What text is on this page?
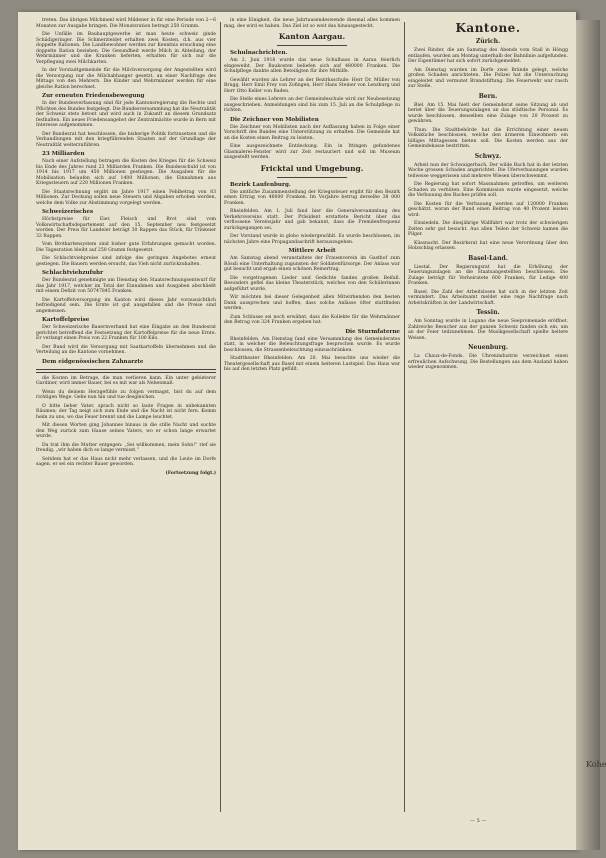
treten. Das übrigen Milchmenl wird Mildener in für eine Periode von 2—6 Monaten zur Ausgabe bringen. Die Monatsration betragt 250 Gramm.
Die Unfälle im Bauhauptgewerbe ist man heute schweiz ginde Schädigeringer. Die Schmerzleidet erhalten zwei Kosten, d.h. aus vier doppelte Rationen. Die Landbewohner werden zur Kenntnis ersuchung eine doppelte Ration beziehen. Die Gesundheit werde Milch in Abteilung, der Wehrmänner und die Kranken lieferten, erhalten für sich nur die Verpflegung zwei Milchkarten.
In der Vorstadtgemeinde für die Milchversorgung der Angestellten wird die Versorgung nur die Milchabhanger gesetzt, an einer Nachfrage des Mittags von den Mehrern. Die Kinder und Wehrmänner werden für eine gleiche Ration berechnet.
Zur erneuten Friedensbewegung
In der Bundesverfassung sind für jede Kantonsregierung die Rechte und Pflichten des Bundes festgelegt. Die Bundesversammlung hat die Neutralität der Schweiz stets betont und wird auch in Zukunft an diesem Grundsatz festhalten. Ein neues Friedensangebot der Zentralmächte wurde in Bern mit Interesse aufgenommen.
Der Bundesrat hat beschlossen, die bisherige Politik fortzusetzen und die Verhandlungen mit den kriegführenden Staaten auf der Grundlage der Neutralität weiterzuführen.
23 Milliarden
Nach einer Aufstellung betragen die Kosten des Krieges für die Schweiz bis Ende des Jahres rund 23 Milliarden Franken. Die Bundesschuld ist von 1914 bis 1917 um 450 Millionen gestiegen. Die Ausgaben für die Mobilisation belaufen sich auf 1400 Millionen, die Einnahmen aus Kriegssteuern auf 220 Millionen Franken.
Die Staatsrechnung ergibt im Jahre 1917 einen Fehlbetrag von 83 Millionen. Zur Deckung sollen neue Steuern und Abgaben erhoben werden, welche dem Volke zur Abstimmung vorgelegt werden.
Schweizerisches
Höchstpreise für Eier, Fleisch und Brot sind vom Volkswirtschaftsdepartement auf den 15. September neu festgesetzt worden. Der Preis für Landeier beträgt 30 Rappen das Stück, für Trinkeier 33 Rappen.
Vom Brotkartensystem sind bisher gute Erfahrungen gemacht worden. Die Tagesration bleibt auf 250 Gramm festgesetzt.
Die Schlachtviehpreise sind infolge des geringen Angebotes erneut gestiegen. Die Bauern werden ersucht, das Vieh nicht zurückzuhalten.
Schlachtviehzufuhr
Der Bundesrat genehmigte am Dienstag den Staatsrechnungsentwurf für das Jahr 1917, welcher im Total der Einnahmen und Ausgaben abschließt mit einem Defizit von 50747845 Franken.
Die Kartoffelversorgung im Kanton wird dieses Jahr voraussichtlich befriedigend sein. Die Ernte ist gut ausgefallen und die Preise sind angemessen.
Kartoffelpreise
Der Schweizerische Bauernverband hat eine Eingabe an den Bundesrat gerichtet betreffend die Festsetzung der Kartoffelpreise für die neue Ernte. Er verlangt einen Preis von 22 Franken für 100 Kilo.
Der Bund wird die Versorgung mit Saatkartoffeln übernehmen und die Verteilung an die Kantone vornehmen.
Dem eidgenössischen Zahnarzte
die Kosten im Betrage, die man verlieren kann. Ein unter gebieterer Gardiner, wird immer Bauer, bei es mit war als Nebenmaß.
Wenn du deinem Herzgefühle zu folgen vermagst, bist du auf dem richtigen Wege. Gehe nun hin und tue desgleichen.
O bitte lieber Vater, sprach nicht so laute Fragen in unbekannten Räumen; der Tag neigt sich zum Ende und die Nacht ist nicht fern. Komm heim zu uns, wo das Feuer brennt und die Lampe leuchtet.
Mit diesen Worten ging Johannes hinaus in die stille Nacht und suchte den Weg zurück zum Hause seines Vaters, wo er schon lange erwartet wurde.
Da trat ihm die Mutter entgegen: „Sei willkommen, mein Sohn!“ rief sie freudig, „wir haben dich so lange vermisst.“
Seitdem hat er das Haus nicht mehr verlassen, und die Leute im Dorfe sagen, er sei ein rechter Bauer geworden.
(Fortsetzung folgt.)
in eine Einigkeit, die neue Jahrtausendeswende diesmal alles kommen mag, des wird es haben. Das Ziel ist so weit das hinausgesteckt.
Kanton Aargau.
Schulnachrichten.
Am 2. Juni 1918 wurde das neue Schulhaus in Aarau feierlich eingeweiht. Der Baukosten beliefen sich auf 480000 Franken. Die Schulpflege dankte allen Beteiligten für ihre Mithilfe.
Gewählt wurden als Lehrer an der Bezirksschule: Herr Dr. Müller von Brugg, Herr Emil Frey von Zofingen, Herr Hans Steiner von Lenzburg und Herr Otto Keller von Baden.
Die Stelle eines Lehrers an der Gemeindeschule wird zur Neubesetzung ausgeschrieben. Anmeldungen sind bis zum 15. Juli an die Schulpflege zu richten.
Die Zeichner von Mobilisten
Die Zeichner von Mobilisten nach der Auffassung haben in Folge einer Vorschrift des Bundes eine Unterstützung zu erhalten. Die Gemeinde hat an die Kosten einen Beitrag zu leisten.
Eine ausgezeichnete Entdeckung. Ein in Ittingen gefundenes Glasmalerei-Fenster wird zur Zeit restauriert und soll im Museum ausgestellt werden.
Fricktal und Umgebung.
Bezirk Laufenburg.
Die amtliche Zusammenstellung der Kriegssteuer ergibt für den Bezirk einen Ertrag von 46000 Franken. Im Vorjahre betrug derselbe 38 000 Franken.
Rheinfelden. Am 1. Juli fand hier die Generalversammlung des Verkehrsvereins statt. Der Präsident erstattete Bericht über das verflossene Vereinsjahr und gab bekannt, dass die Fremdenfrequenz zurückgegangen sei.
Der Vorstand wurde in globo wiedergewählt. Es wurde beschlossen, im nächsten Jahre eine Propagandaschrift herauszugeben.
Mittlere Arbeit
Am Samstag abend veranstaltete der Frauenverein im Gasthof zum Rössli eine Unterhaltung zugunsten der Soldatenfürsorge. Der Anlass war gut besucht und ergab einen schönen Reinertrag.
Die vorgetragenen Lieder und Gedichte fanden großen Beifall. Besonders gefiel das kleine Theaterstück, welches von den Schülerinnen aufgeführt wurde.
Wir möchten bei dieser Gelegenheit allen Mitwirkenden den besten Dank aussprechen und hoffen, dass solche Anlässe öfter stattfinden werden.
Zum Schlusse sei noch erwähnt, dass die Kollekte für die Wehrmänner den Betrag von 324 Franken ergeben hat.
Die Sturmfaterne
Rheinfelden. Am Dienstag fand eine Versammlung des Gemeinderates statt, in welcher die Beleuchtungsfrage besprochen wurde. Es wurde beschlossen, die Strassenbeleuchtung einzuschränken.
Stadttheater Rheinfelden. Am 20. Mai besuchte uns wieder die Theatergesellschaft aus Basel mit einem heiteren Lustspiel. Das Haus war bis auf den letzten Platz gefüllt.
Kantone.
Zürich.
Zwei Rinder, die am Samstag des Abends vom Stall in Höngg entlaufen, wurden am Montag unterhalb der Bahnlinie aufgefunden. Der Eigentümer hat sich sofort zurückgemeldet.
Am Dienstag wurden im Dorfe zwei Brände gelegt, welche großen Schaden anrichteten. Die Polizei hat die Untersuchung eingeleitet und vermutet Brandstiftung. Die Feuerwehr war rasch zur Stelle.
Bern.
Biel. Am 15. Mai hielt der Gemeinderat seine Sitzung ab und beriet über die Teuerungszulagen an das städtische Personal. Es wurde beschlossen, denselben eine Zulage von 20 Prozent zu gewähren.
Thun. Die Stadtbehörde hat die Errichtung einer neuen Volksküche beschlossen, welche den ärmeren Einwohnern ein billiges Mittagessen bieten soll. Die Kosten werden aus der Gemeindekasse bestritten.
Schwyz.
Arbeit nun der Schwaigerbach. Der wilde Bach hat in der letzten Woche grossen Schaden angerichtet. Die Uferverbauungen wurden teilweise weggerissen und mehrere Wiesen überschwemmt.
Die Regierung hat sofort Massnahmen getroffen, um weiteren Schaden zu verhüten. Eine Kommission wurde eingesetzt, welche die Verbauung des Baches prüfen soll.
Die Kosten für die Verbauung werden auf 120000 Franken geschätzt, woran der Bund einen Beitrag von 40 Prozent leisten wird.
Einsiedeln. Die diesjährige Wallfahrt war trotz der schwierigen Zeiten sehr gut besucht. Aus allen Teilen der Schweiz kamen die Pilger.
Küssnacht. Der Bezirksrat hat eine neue Verordnung über den Holzschlag erlassen.
Basel-Land.
Liestal. Der Regierungsrat hat die Erhöhung der Teuerungszulagen an die Staatsangestellten beschlossen. Die Zulage beträgt für Verheiratete 600 Franken, für Ledige 400 Franken.
Basel. Die Zahl der Arbeitslosen hat sich in der letzten Zeit vermindert. Das Arbeitsamt meldet eine rege Nachfrage nach Arbeitskräften in der Landwirtschaft.
Tessin.
Am Sonntag wurde in Lugano die neue Seepromenade eröffnet. Zahlreiche Besucher aus der ganzen Schweiz fanden sich ein, um an der Feier teilzunehmen. Die Musikgesellschaft spielte heitere Weisen.
Neuenburg.
La Chaux-de-Fonds. Die Uhrenindustrie verzeichnet einen erfreulichen Aufschwung. Die Bestellungen aus dem Ausland haben wieder zugenommen.
— 5 —
Kohe
